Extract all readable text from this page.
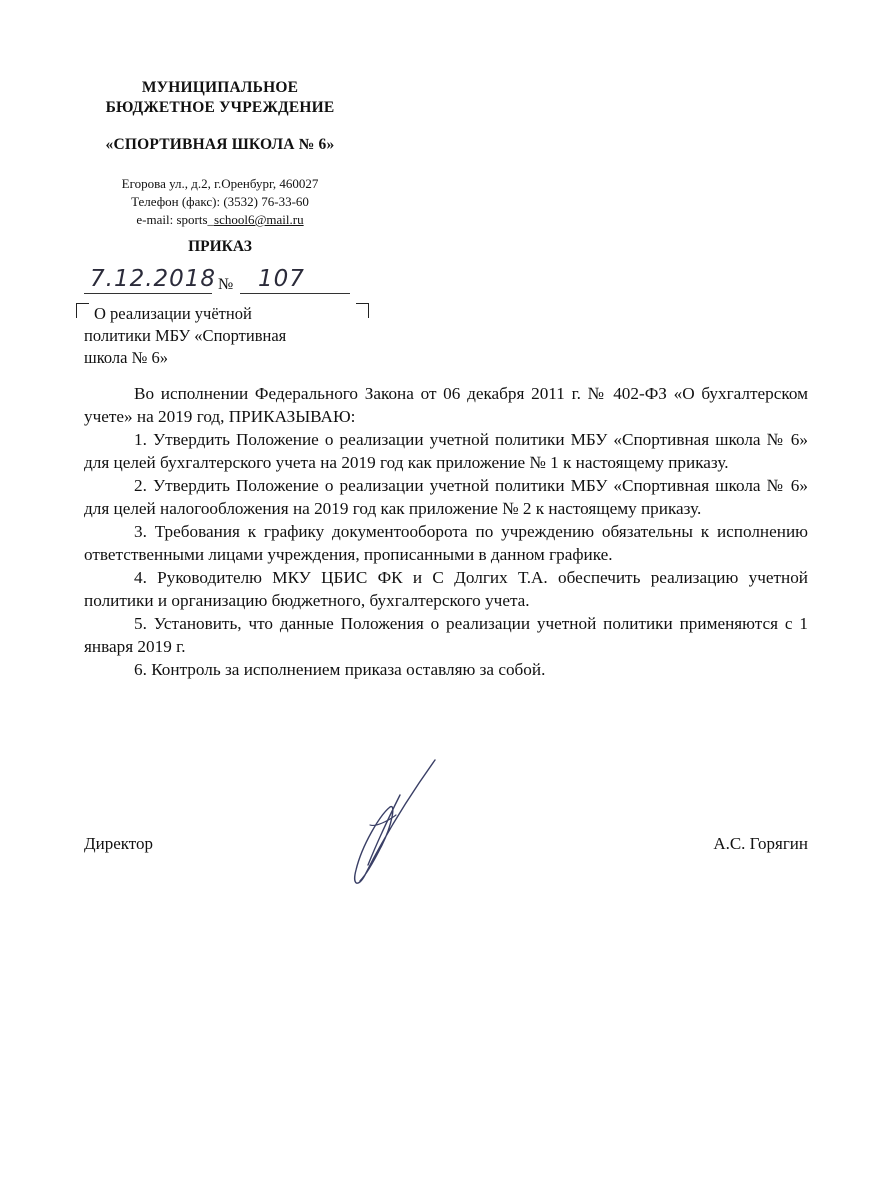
МУНИЦИПАЛЬНОЕ
БЮДЖЕТНОЕ УЧРЕЖДЕНИЕ
«СПОРТИВНАЯ ШКОЛА № 6»
Егорова ул., д.2, г.Оренбург, 460027
Телефон (факс): (3532) 76-33-60
e-mail: sports_school6@mail.ru
ПРИКАЗ
7.12.2018 № 107
О реализации учётной
политики МБУ «Спортивная
школа № 6»

Во исполнении Федерального Закона от 06 декабря 2011 г. № 402-ФЗ «О бухгалтерском учете» на 2019 год, ПРИКАЗЫВАЮ:

1. Утвердить Положение о реализации учетной политики МБУ «Спортивная школа № 6» для целей бухгалтерского учета на 2019 год как приложение № 1 к настоящему приказу.

2. Утвердить Положение о реализации учетной политики МБУ «Спортивная школа № 6» для целей налогообложения на 2019 год как приложение № 2 к настоящему приказу.

3. Требования к графику документооборота по учреждению обязательны к исполнению ответственными лицами учреждения, прописанными в данном графике.

4. Руководителю МКУ ЦБИС ФК и С Долгих Т.А. обеспечить реализацию учетной политики и организацию бюджетного, бухгалтерского учета.

5. Установить, что данные Положения о реализации учетной политики применяются с 1 января 2019 г.

6. Контроль за исполнением приказа оставляю за собой.

Директор	А.С. Горягин
